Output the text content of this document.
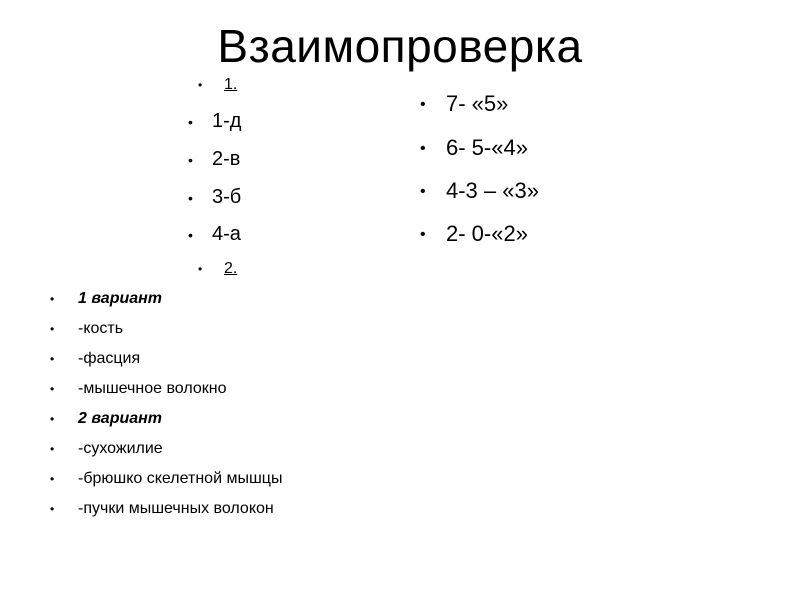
Взаимопроверка
• 1.
• 1-д
• 2-в
• 3-б
• 4-а
• 2.
• 1 вариант
• -кость
• -фасция
• -мышечное волокно
• 2 вариант
• -сухожилие
• -брюшко скелетной мышцы
• -пучки мышечных волокон
• 7- «5»
• 6- 5-«4»
• 4-3 – «3»
• 2- 0-«2»
